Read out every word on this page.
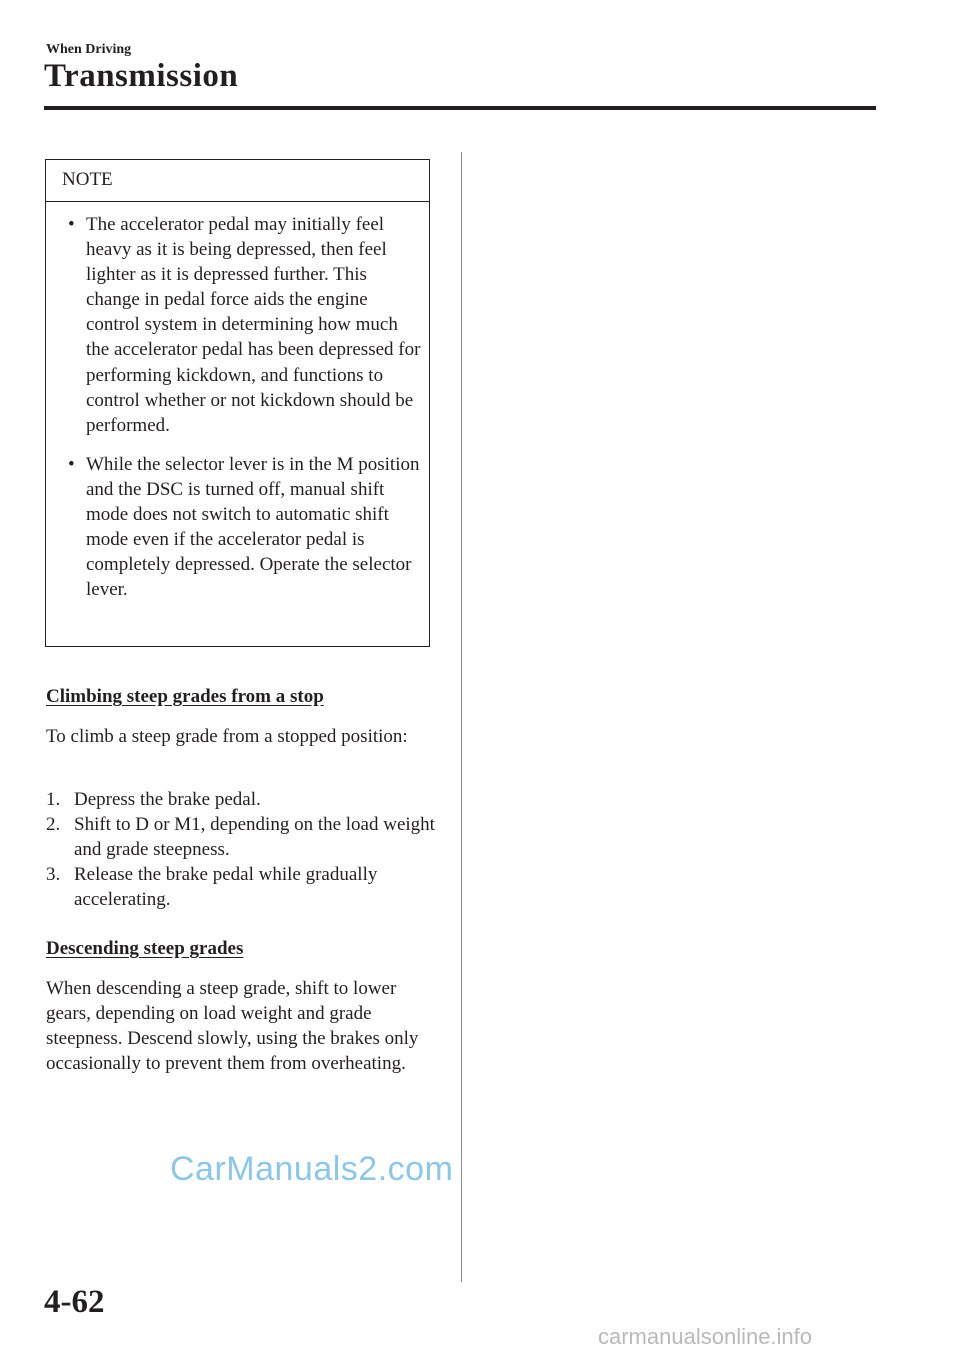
When Driving
Transmission
NOTE
• The accelerator pedal may initially feel heavy as it is being depressed, then feel lighter as it is depressed further. This change in pedal force aids the engine control system in determining how much the accelerator pedal has been depressed for performing kickdown, and functions to control whether or not kickdown should be performed.
• While the selector lever is in the M position and the DSC is turned off, manual shift mode does not switch to automatic shift mode even if the accelerator pedal is completely depressed. Operate the selector lever.
Climbing steep grades from a stop

To climb a steep grade from a stopped position:

1. Depress the brake pedal.
2. Shift to D or M1, depending on the load weight and grade steepness.
3. Release the brake pedal while gradually accelerating.
Descending steep grades

When descending a steep grade, shift to lower gears, depending on load weight and grade steepness. Descend slowly, using the brakes only occasionally to prevent them from overheating.

CarManuals2.com
4-62
carmanualsonline.info
